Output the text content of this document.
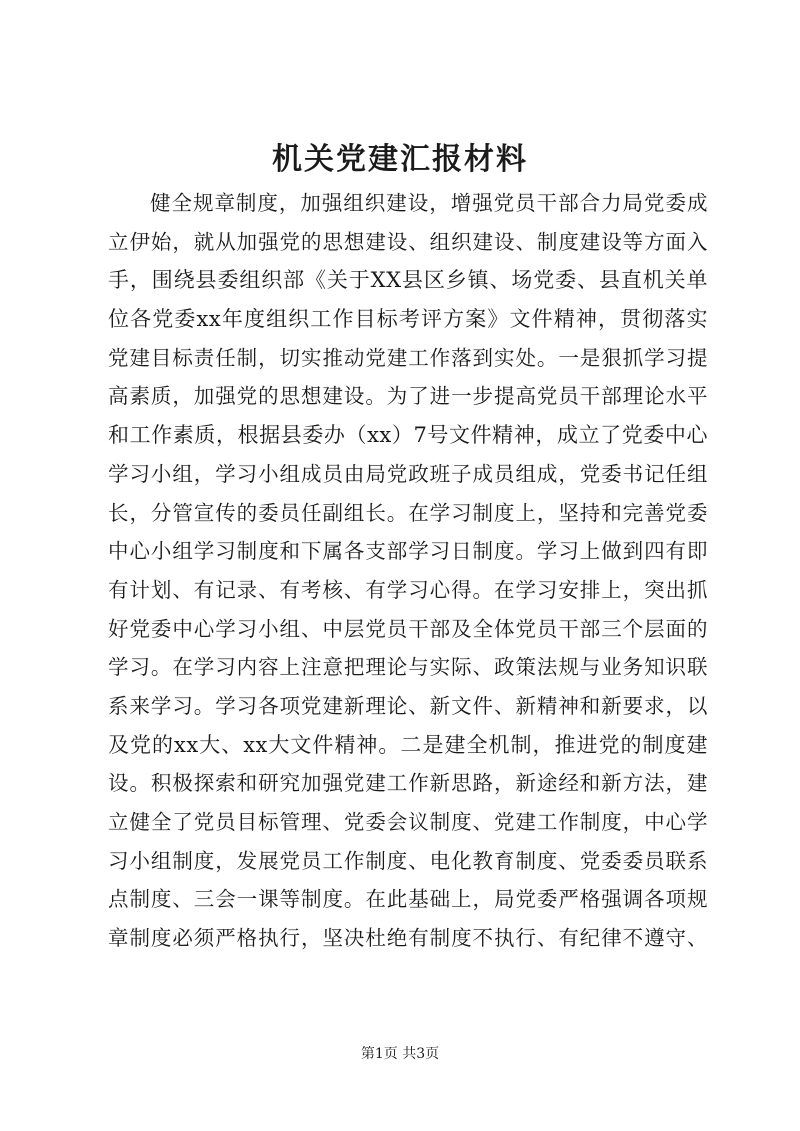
机关党建汇报材料
健全规章制度，加强组织建设，增强党员干部合力局党委成
立伊始，就从加强党的思想建设、组织建设、制度建设等方面入
手，围绕县委组织部《关于XX县区乡镇、场党委、县直机关单
位各党委xx年度组织工作目标考评方案》文件精神，贯彻落实
党建目标责任制，切实推动党建工作落到实处。一是狠抓学习提
高素质，加强党的思想建设。为了进一步提高党员干部理论水平
和工作素质，根据县委办（xx）7号文件精神，成立了党委中心
学习小组，学习小组成员由局党政班子成员组成，党委书记任组
长，分管宣传的委员任副组长。在学习制度上，坚持和完善党委
中心小组学习制度和下属各支部学习日制度。学习上做到四有即
有计划、有记录、有考核、有学习心得。在学习安排上，突出抓
好党委中心学习小组、中层党员干部及全体党员干部三个层面的
学习。在学习内容上注意把理论与实际、政策法规与业务知识联
系来学习。学习各项党建新理论、新文件、新精神和新要求，以
及党的xx大、xx大文件精神。二是建全机制，推进党的制度建
设。积极探索和研究加强党建工作新思路，新途经和新方法，建
立健全了党员目标管理、党委会议制度、党建工作制度，中心学
习小组制度，发展党员工作制度、电化教育制度、党委委员联系
点制度、三会一课等制度。在此基础上，局党委严格强调各项规
章制度必须严格执行，坚决杜绝有制度不执行、有纪律不遵守、
第1页 共3页
